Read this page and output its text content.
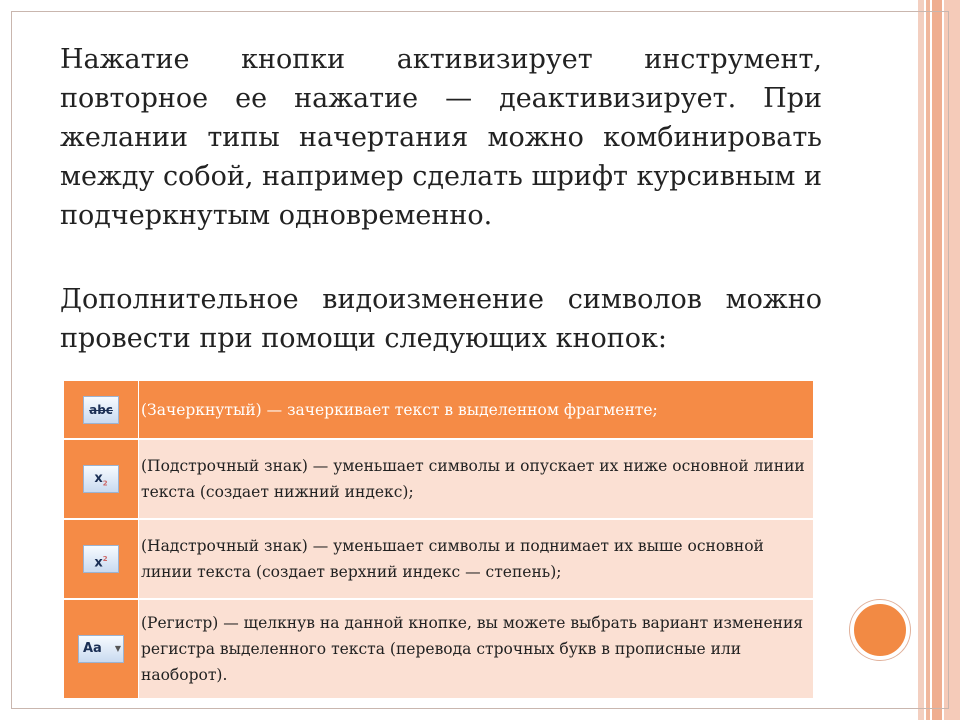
Нажатие кнопки активизирует инструмент, повторное ее нажатие — деактивизирует. При желании типы начертания можно комбинировать между собой, например сделать шрифт курсивным и подчеркнутым одновременно.

Дополнительное видоизменение символов можно провести при помощи следующих кнопок:

abc	(Зачеркнутый) — зачеркивает текст в выделенном фрагменте;
$x_2$	(Подстрочный знак) — уменьшает символы и опускает их ниже основной линии текста (создает нижний индекс);
$x^2$	(Надстрочный знак) — уменьшает символы и поднимает их выше основной линии текста (создает верхний индекс — степень);
Aa ▼	(Регистр) — щелкнув на данной кнопке, вы можете выбрать вариант изменения регистра выделенного текста (перевода строчных букв в прописные или наоборот).
